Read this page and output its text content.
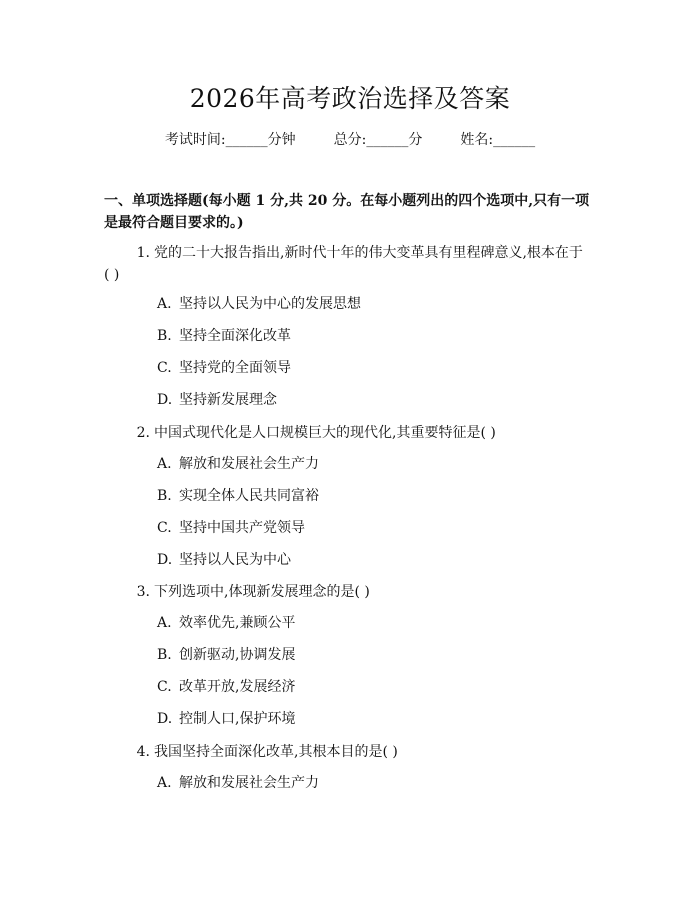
2026年高考政治选择及答案
考试时间:______分钟	总分:______分	姓名:______
一、单项选择题(每小题 1 分,共 20 分。在每小题列出的四个选项中,只有一项
是最符合题目要求的。)
1. 党的二十大报告指出,新时代十年的伟大变革具有里程碑意义,根本在于
( )
A. 坚持以人民为中心的发展思想
B. 坚持全面深化改革
C. 坚持党的全面领导
D. 坚持新发展理念
2. 中国式现代化是人口规模巨大的现代化,其重要特征是( )
A. 解放和发展社会生产力
B. 实现全体人民共同富裕
C. 坚持中国共产党领导
D. 坚持以人民为中心
3. 下列选项中,体现新发展理念的是( )
A. 效率优先,兼顾公平
B. 创新驱动,协调发展
C. 改革开放,发展经济
D. 控制人口,保护环境
4. 我国坚持全面深化改革,其根本目的是( )
A. 解放和发展社会生产力
